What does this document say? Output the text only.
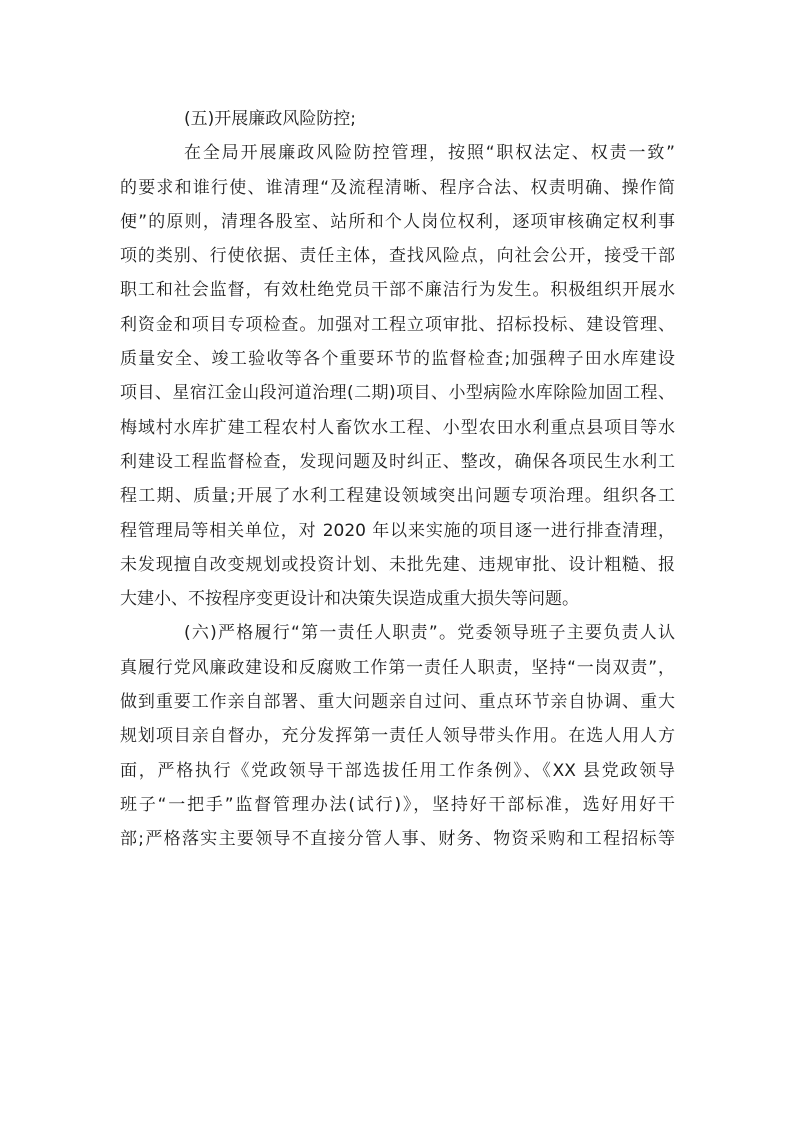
(五)开展廉政风险防控;
在全局开展廉政风险防控管理，按照“职权法定、权责一致”
的要求和谁行使、谁清理“及流程清晰、程序合法、权责明确、操作简
便”的原则，清理各股室、站所和个人岗位权利，逐项审核确定权利事
项的类别、行使依据、责任主体，查找风险点，向社会公开，接受干部
职工和社会监督，有效杜绝党员干部不廉洁行为发生。积极组织开展水
利资金和项目专项检查。加强对工程立项审批、招标投标、建设管理、
质量安全、竣工验收等各个重要环节的监督检查;加强稗子田水库建设
项目、星宿江金山段河道治理(二期)项目、小型病险水库除险加固工程、
梅域村水库扩建工程农村人畜饮水工程、小型农田水利重点县项目等水
利建设工程监督检查，发现问题及时纠正、整改，确保各项民生水利工
程工期、质量;开展了水利工程建设领域突出问题专项治理。组织各工
程管理局等相关单位，对 2020 年以来实施的项目逐一进行排查清理，
未发现擅自改变规划或投资计划、未批先建、违规审批、设计粗糙、报
大建小、不按程序变更设计和决策失误造成重大损失等问题。
(六)严格履行“第一责任人职责”。党委领导班子主要负责人认
真履行党风廉政建设和反腐败工作第一责任人职责，坚持“一岗双责”，
做到重要工作亲自部署、重大问题亲自过问、重点环节亲自协调、重大
规划项目亲自督办，充分发挥第一责任人领导带头作用。在选人用人方
面，严格执行《党政领导干部选拔任用工作条例》、《XX 县党政领导
班子“一把手”监督管理办法(试行)》，坚持好干部标准，选好用好干
部;严格落实主要领导不直接分管人事、财务、物资采购和工程招标等
